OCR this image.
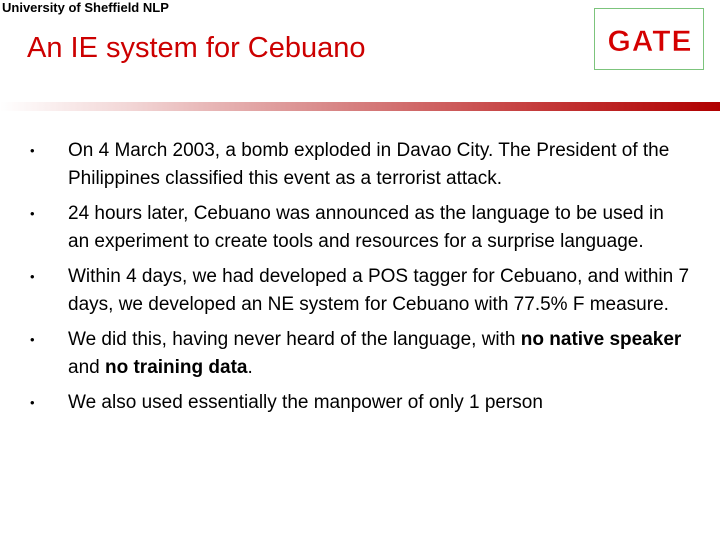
University of Sheffield NLP
An IE system for Cebuano	GATE
• On 4 March 2003, a bomb exploded in Davao City. The President of the Philippines classified this event as a terrorist attack.
• 24 hours later, Cebuano was announced as the language to be used in an experiment to create tools and resources for a surprise language.
• Within 4 days, we had developed a POS tagger for Cebuano, and within 7 days, we developed an NE system for Cebuano with 77.5% F measure.
• We did this, having never heard of the language, with no native speaker and no training data.
• We also used essentially the manpower of only 1 person
